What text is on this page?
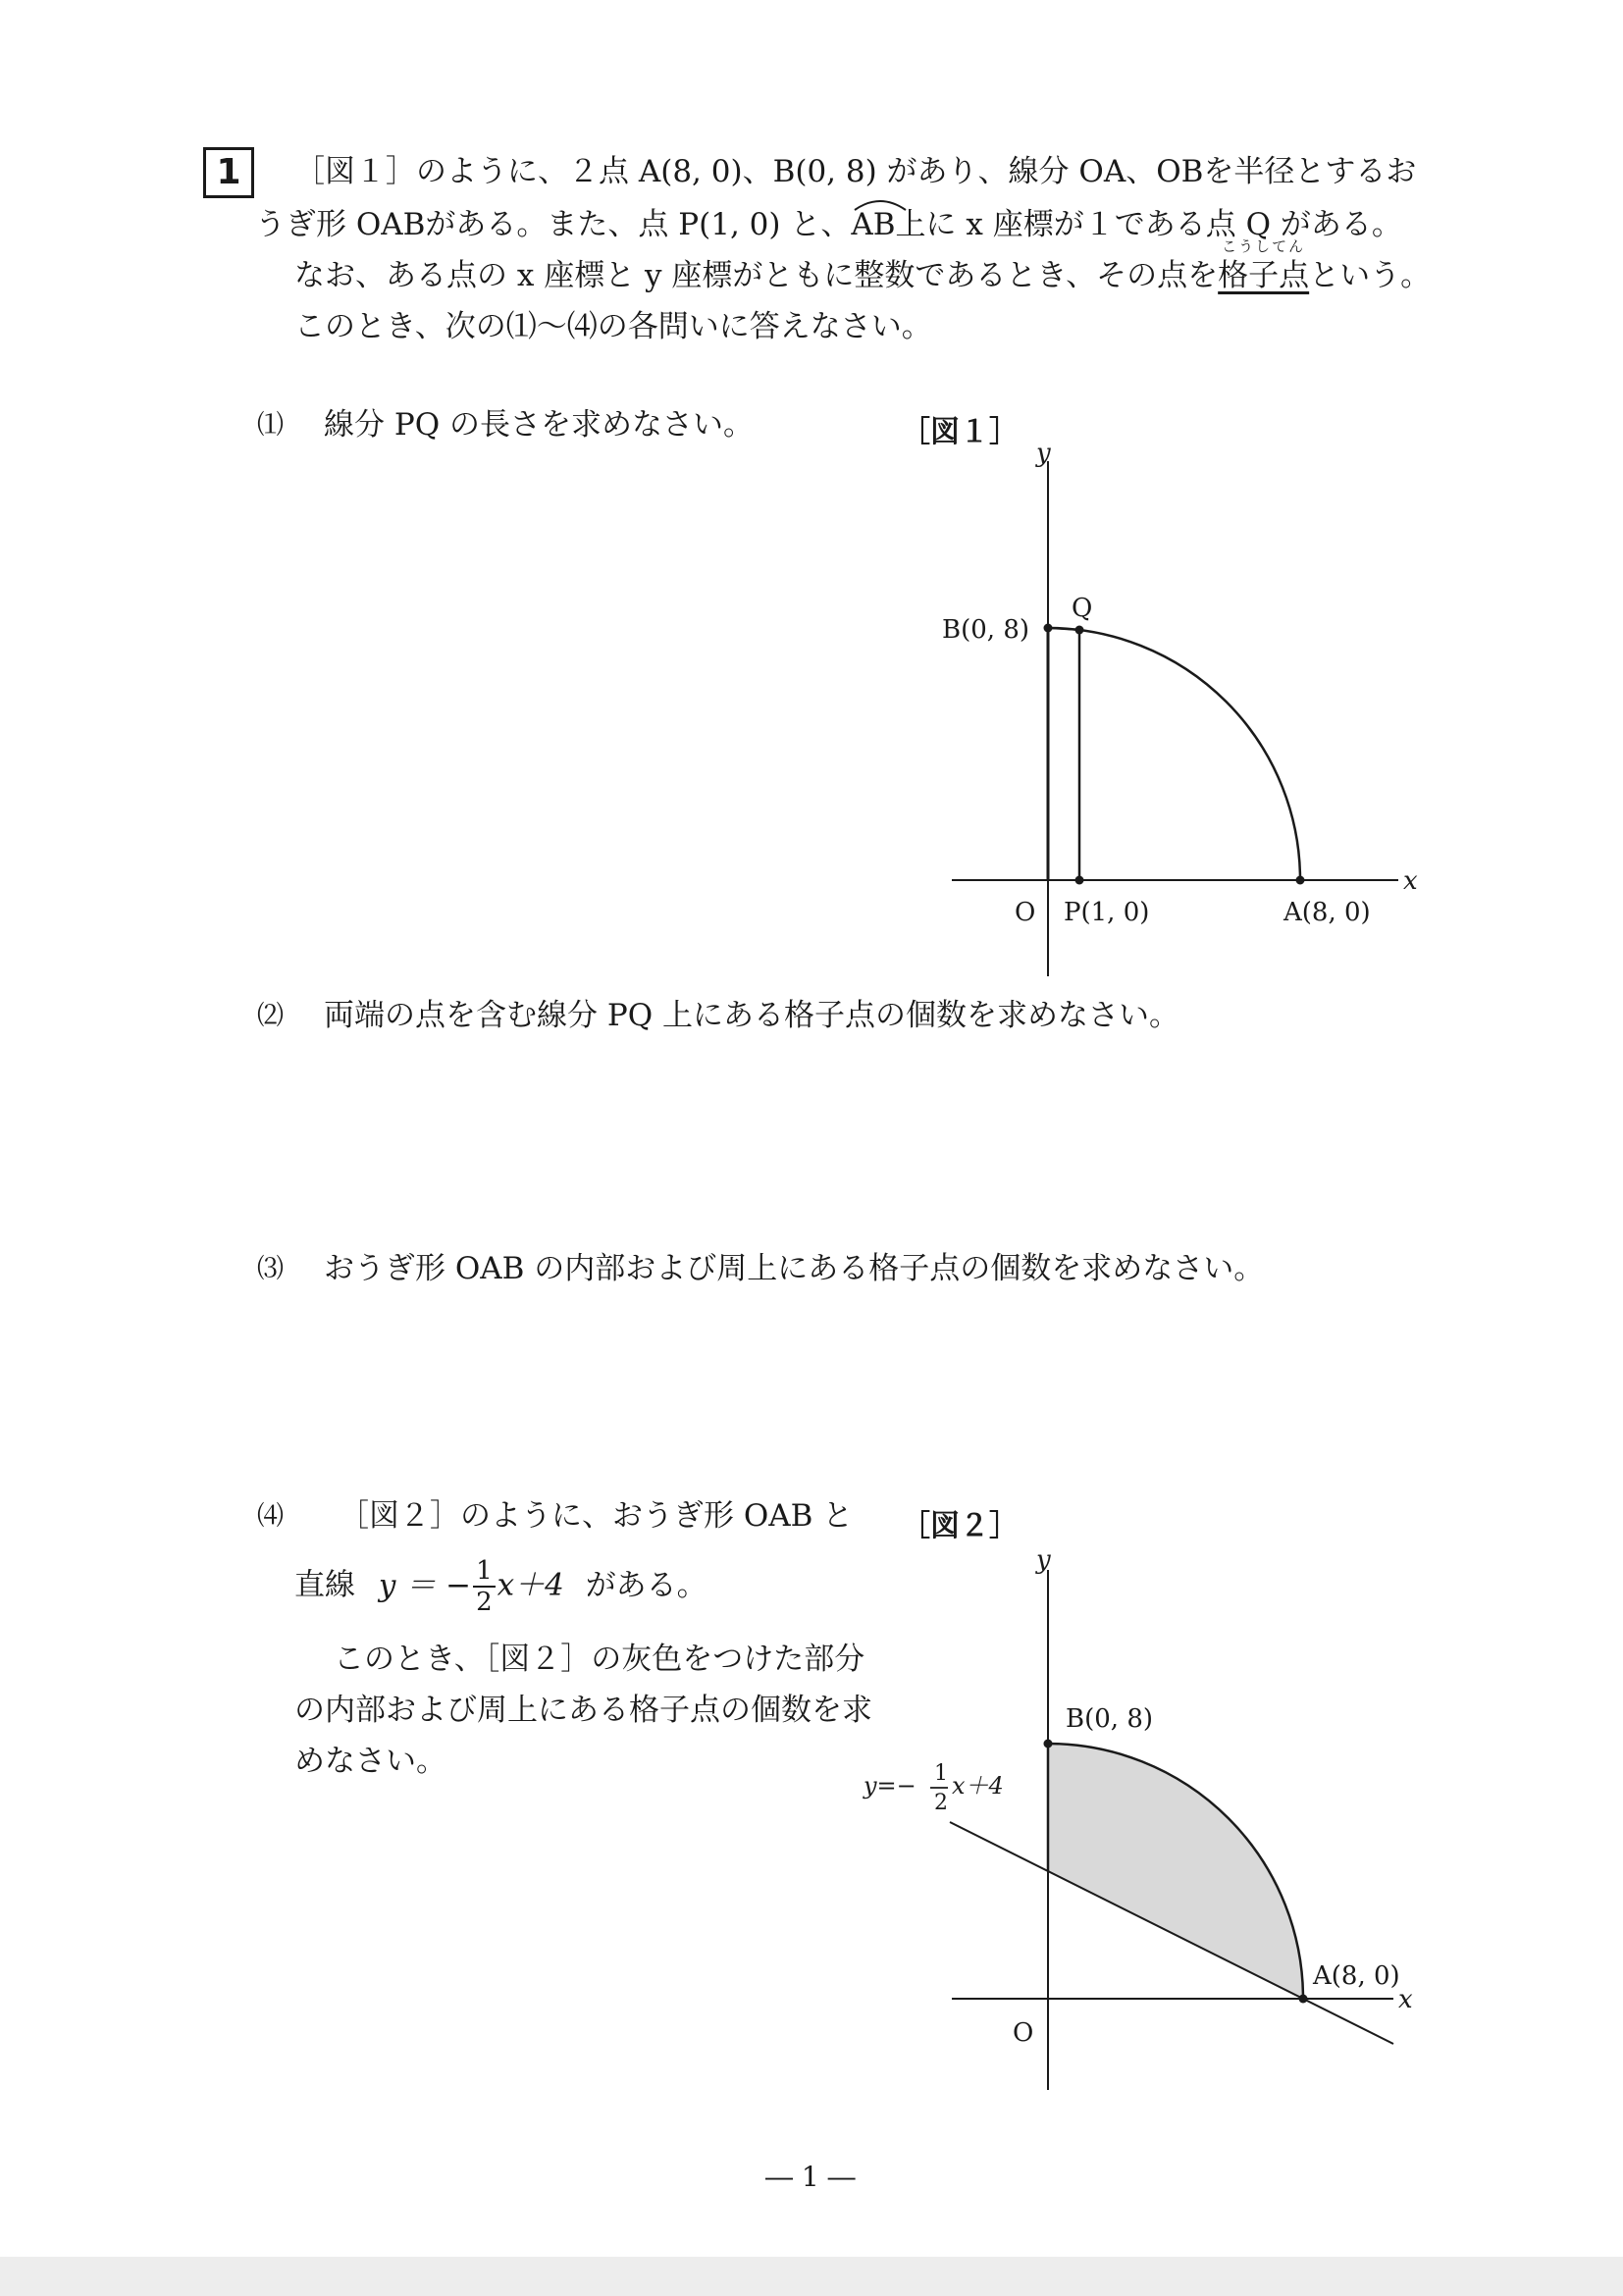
1	［図１］のように、２点 A(8, 0)、B(0, 8) があり、線分 OA、OBを半径とするお
うぎ形 OABがある。また、点 P(1, 0) と、
AB上に x 座標が１である点 Q がある。
なお、ある点の x 座標と y 座標がともに整数であるとき、その点を
こうしてん
格子点という。
このとき、次の⑴～⑷の各問いに答えなさい。
⑴ 線分 PQ の長さを求めなさい。	［図１］
y
x
O
B(0, 8)
Q
P(1, 0)	A(8, 0)
⑵ 両端の点を含む線分 PQ 上にある格子点の個数を求めなさい。
⑶ おうぎ形 OAB の内部および周上にある格子点の個数を求めなさい。
⑷ ［図２］のように、おうぎ形 OAB と
直線 y ＝ − $\frac{1}{2} x+4$ がある。
このとき、［図２］の灰色をつけた部分
の内部および周上にある格子点の個数を求
めなさい。
［図２］
y
x
O
B(0, 8)
A(8, 0)
y=− 1
2
x＋4
― 1 ―
